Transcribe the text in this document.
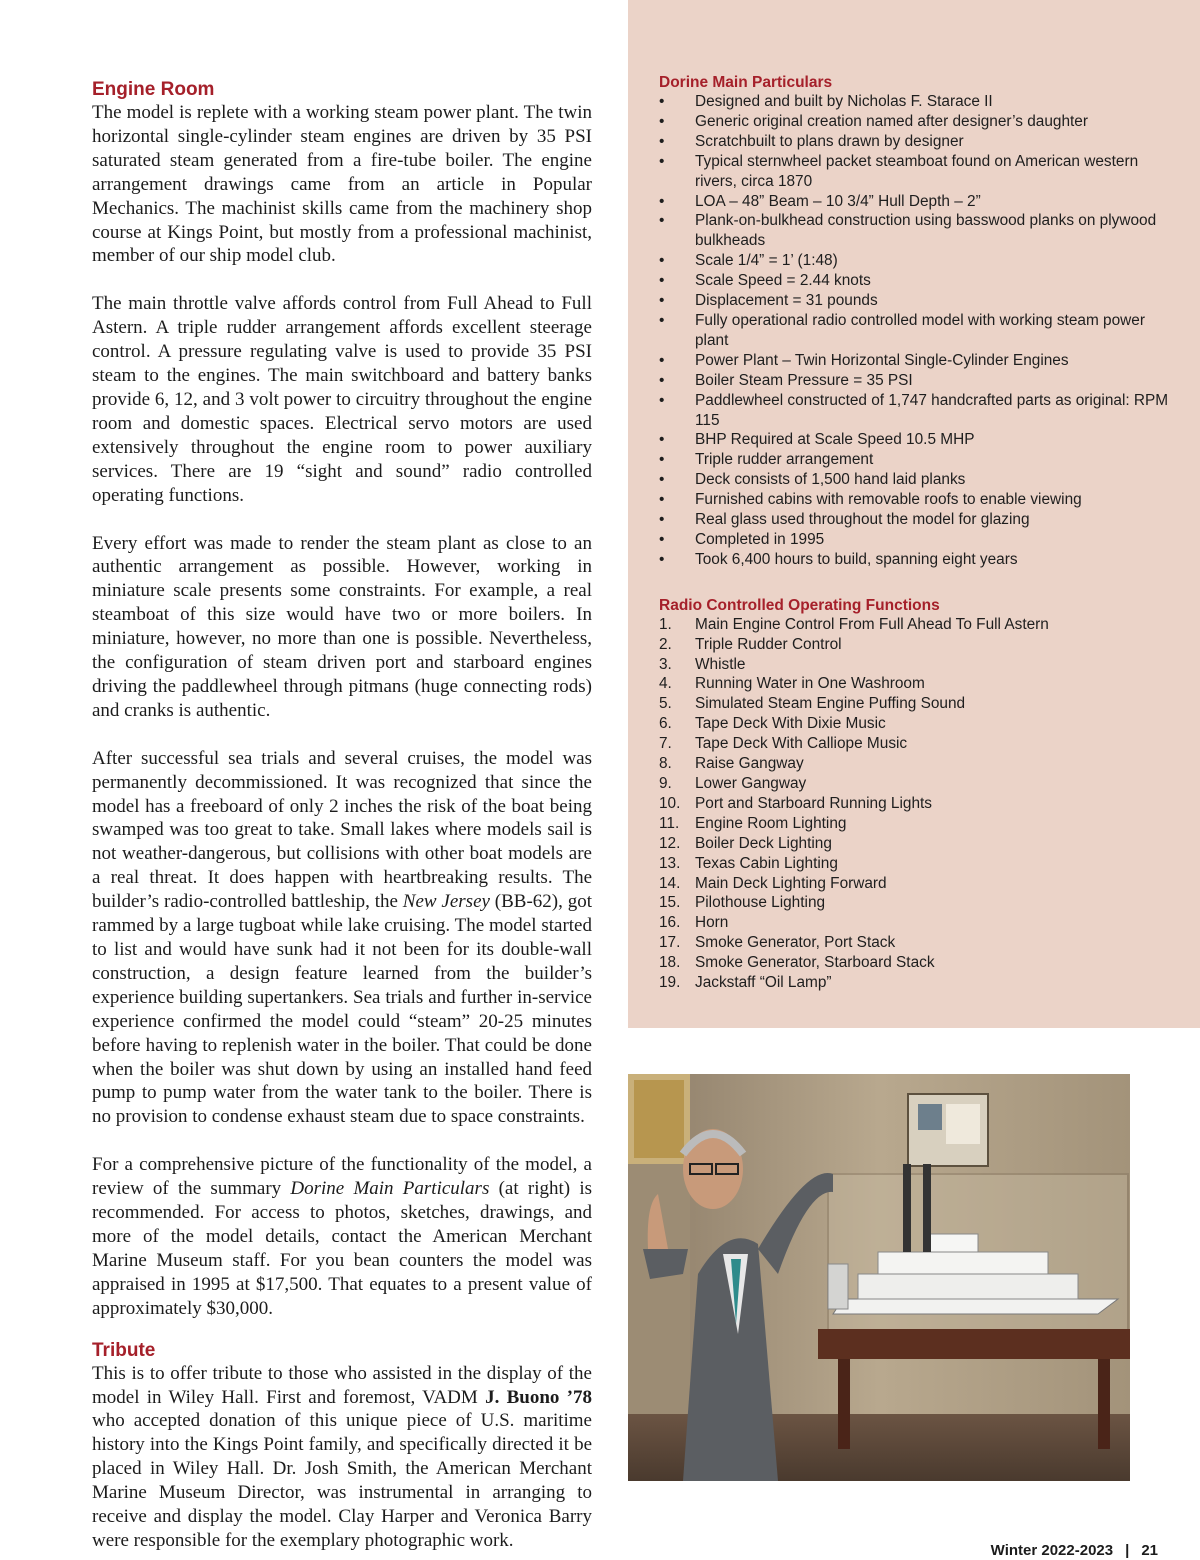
Engine Room

The model is replete with a working steam power plant. The twin horizontal single-cylinder steam engines are driven by 35 PSI saturated steam generated from a fire-tube boiler. The engine arrangement drawings came from an article in Popular Mechanics. The machinist skills came from the machinery shop course at Kings Point, but mostly from a professional machinist, member of our ship model club.

The main throttle valve affords control from Full Ahead to Full Astern. A triple rudder arrangement affords excellent steerage control. A pressure regulating valve is used to provide 35 PSI steam to the engines. The main switchboard and battery banks provide 6, 12, and 3 volt power to circuitry throughout the engine room and domestic spaces. Electrical servo motors are used extensively throughout the engine room to power auxiliary services. There are 19 “sight and sound” radio controlled operating functions.

Every effort was made to render the steam plant as close to an authentic arrangement as possible. However, working in miniature scale presents some constraints. For example, a real steamboat of this size would have two or more boilers. In miniature, however, no more than one is possible. Nevertheless, the configuration of steam driven port and starboard engines driving the paddlewheel through pitmans (huge connecting rods) and cranks is authentic.

After successful sea trials and several cruises, the model was permanently decommissioned. It was recognized that since the model has a freeboard of only 2 inches the risk of the boat being swamped was too great to take. Small lakes where models sail is not weather-dangerous, but collisions with other boat models are a real threat. It does happen with heartbreaking results. The builder’s radio-controlled battleship, the New Jersey (BB-62), got rammed by a large tugboat while lake cruising. The model started to list and would have sunk had it not been for its double-wall construction, a design feature learned from the builder’s experience building supertankers. Sea trials and further in-service experience confirmed the model could “steam” 20-25 minutes before having to replenish water in the boiler. That could be done when the boiler was shut down by using an installed hand feed pump to pump water from the water tank to the boiler. There is no provision to condense exhaust steam due to space constraints.

For a comprehensive picture of the functionality of the model, a review of the summary Dorine Main Particulars (at right) is recommended. For access to photos, sketches, drawings, and more of the model details, contact the American Merchant Marine Museum staff. For you bean counters the model was appraised in 1995 at $17,500. That equates to a present value of approximately $30,000.

Tribute

This is to offer tribute to those who assisted in the display of the model in Wiley Hall. First and foremost, VADM J. Buono ’78 who accepted donation of this unique piece of U.S. maritime history into the Kings Point family, and specifically directed it be placed in Wiley Hall. Dr. Josh Smith, the American Merchant Marine Museum Director, was instrumental in arranging to receive and display the model. Clay Harper and Veronica Barry were responsible for the exemplary photographic work.

Dorine Main Particulars
•	Designed and built by Nicholas F. Starace II
•	Generic original creation named after designer’s daughter
•	Scratchbuilt to plans drawn by designer
•	Typical sternwheel packet steamboat found on American western rivers, circa 1870
•	LOA – 48” Beam – 10 3/4” Hull Depth – 2”
•	Plank-on-bulkhead construction using basswood planks on plywood bulkheads
•	Scale 1/4” = 1’ (1:48)
•	Scale Speed = 2.44 knots
•	Displacement = 31 pounds
•	Fully operational radio controlled model with working steam power plant
•	Power Plant – Twin Horizontal Single-Cylinder Engines
•	Boiler Steam Pressure = 35 PSI
•	Paddlewheel constructed of 1,747 handcrafted parts as original: RPM 115
•	BHP Required at Scale Speed 10.5 MHP
•	Triple rudder arrangement
•	Deck consists of 1,500 hand laid planks
•	Furnished cabins with removable roofs to enable viewing
•	Real glass used throughout the model for glazing
•	Completed in 1995
•	Took 6,400 hours to build, spanning eight years
Radio Controlled Operating Functions
1.	Main Engine Control From Full Ahead To Full Astern
2.	Triple Rudder Control
3.	Whistle
4.	Running Water in One Washroom
5.	Simulated Steam Engine Puffing Sound
6.	Tape Deck With Dixie Music
7.	Tape Deck With Calliope Music
8.	Raise Gangway
9.	Lower Gangway
10. Port and Starboard Running Lights
11.	Engine Room Lighting
12. Boiler Deck Lighting
13. Texas Cabin Lighting
14. Main Deck Lighting Forward
15. Pilothouse Lighting
16. Horn
17. Smoke Generator, Port Stack
18. Smoke Generator, Starboard Stack
19. Jackstaff “Oil Lamp”
Winter 2022-2023 | 21
